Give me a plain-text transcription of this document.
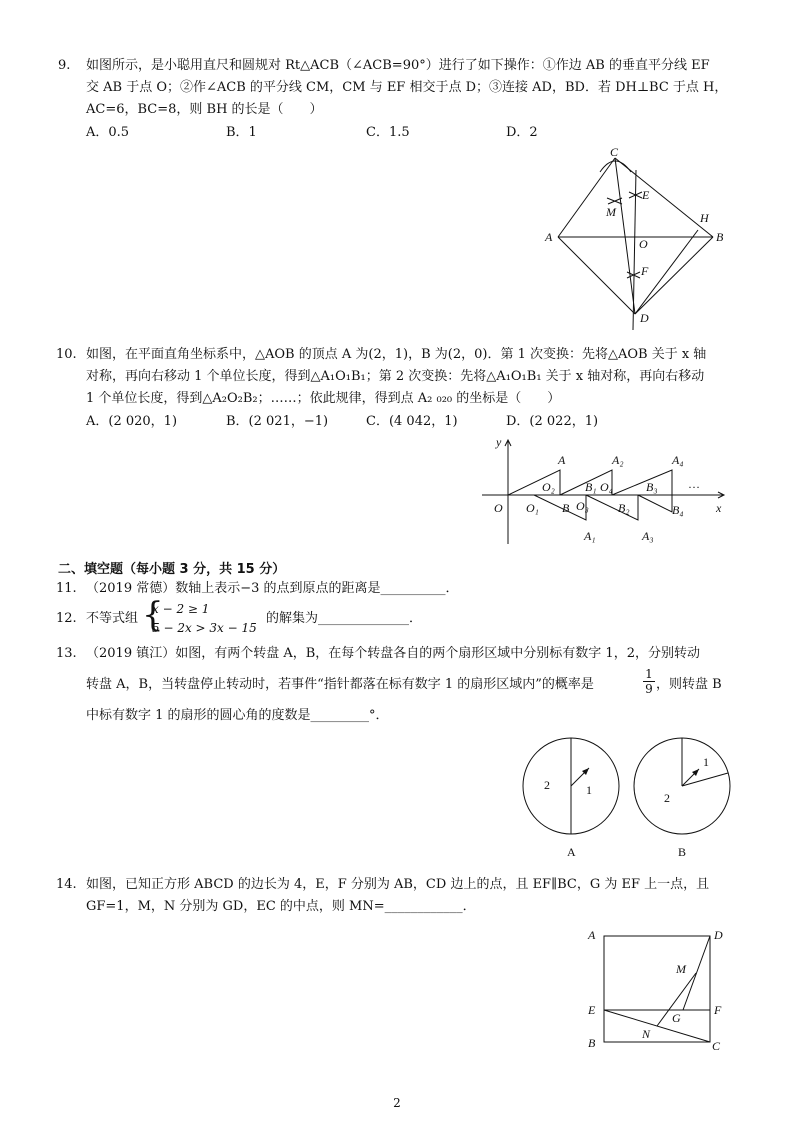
9. 如图所示，是小聪用直尺和圆规对 Rt△ACB（∠ACB=90°）进行了如下操作：①作边 AB 的垂直平分线 EF
交 AB 于点 O；②作∠ACB 的平分线 CM，CM 与 EF 相交于点 D；③连接 AD，BD．若 DH⊥BC 于点 H，
AC=6，BC=8，则 BH 的长是（　　）
A．0.5	B．1	C．1.5	D．2
C
E
M	H
A	O	B
F
D
10. 如图，在平面直角坐标系中，△AOB 的顶点 A 为(2，1)，B 为(2，0)．第 1 次变换：先将△AOB 关于 x 轴
对称，再向右移动 1 个单位长度，得到△A₁O₁B₁；第 2 次变换：先将△A₁O₁B₁ 关于 x 轴对称，再向右移动
1 个单位长度，得到△A₂O₂B₂；……；依此规律，得到点 A₂ ₀₂₀ 的坐标是（　　）
A．(2 020，1)	B．(2 021，−1)	C．(4 042，1)	D．(2 022，1)
y
A	A₂	A₄
O₂	B₁ O₄	B₃	…
O O₁ B O₃ B₂	B₄	x
A₁	A₃
二、填空题（每小题 3 分，共 15 分）
11. （2019 常德）数轴上表示−3 的点到原点的距离是__________．
12. 不等式组 {
x − 2 ≥ 1
5 − 2x > 3x − 15
的解集为______________．
13. （2019 镇江）如图，有两个转盘 A，B，在每个转盘各自的两个扇形区域中分别标有数字 1，2，分别转动
转盘 A，B，当转盘停止转动时，若事件“指针都落在标有数字 1 的扇形区域内”的概率是	$\frac{1}{9}$ ，则转盘 B
中标有数字 1 的扇形的圆心角的度数是_________°．
2	1
1
2
A	B
14. 如图，已知正方形 ABCD 的边长为 4，E，F 分别为 AB，CD 边上的点，且 EF∥BC，G 为 EF 上一点，且
GF=1，M，N 分别为 GD，EC 的中点，则 MN=____________．
A	D
M
E
G
F
N
B	C
2
